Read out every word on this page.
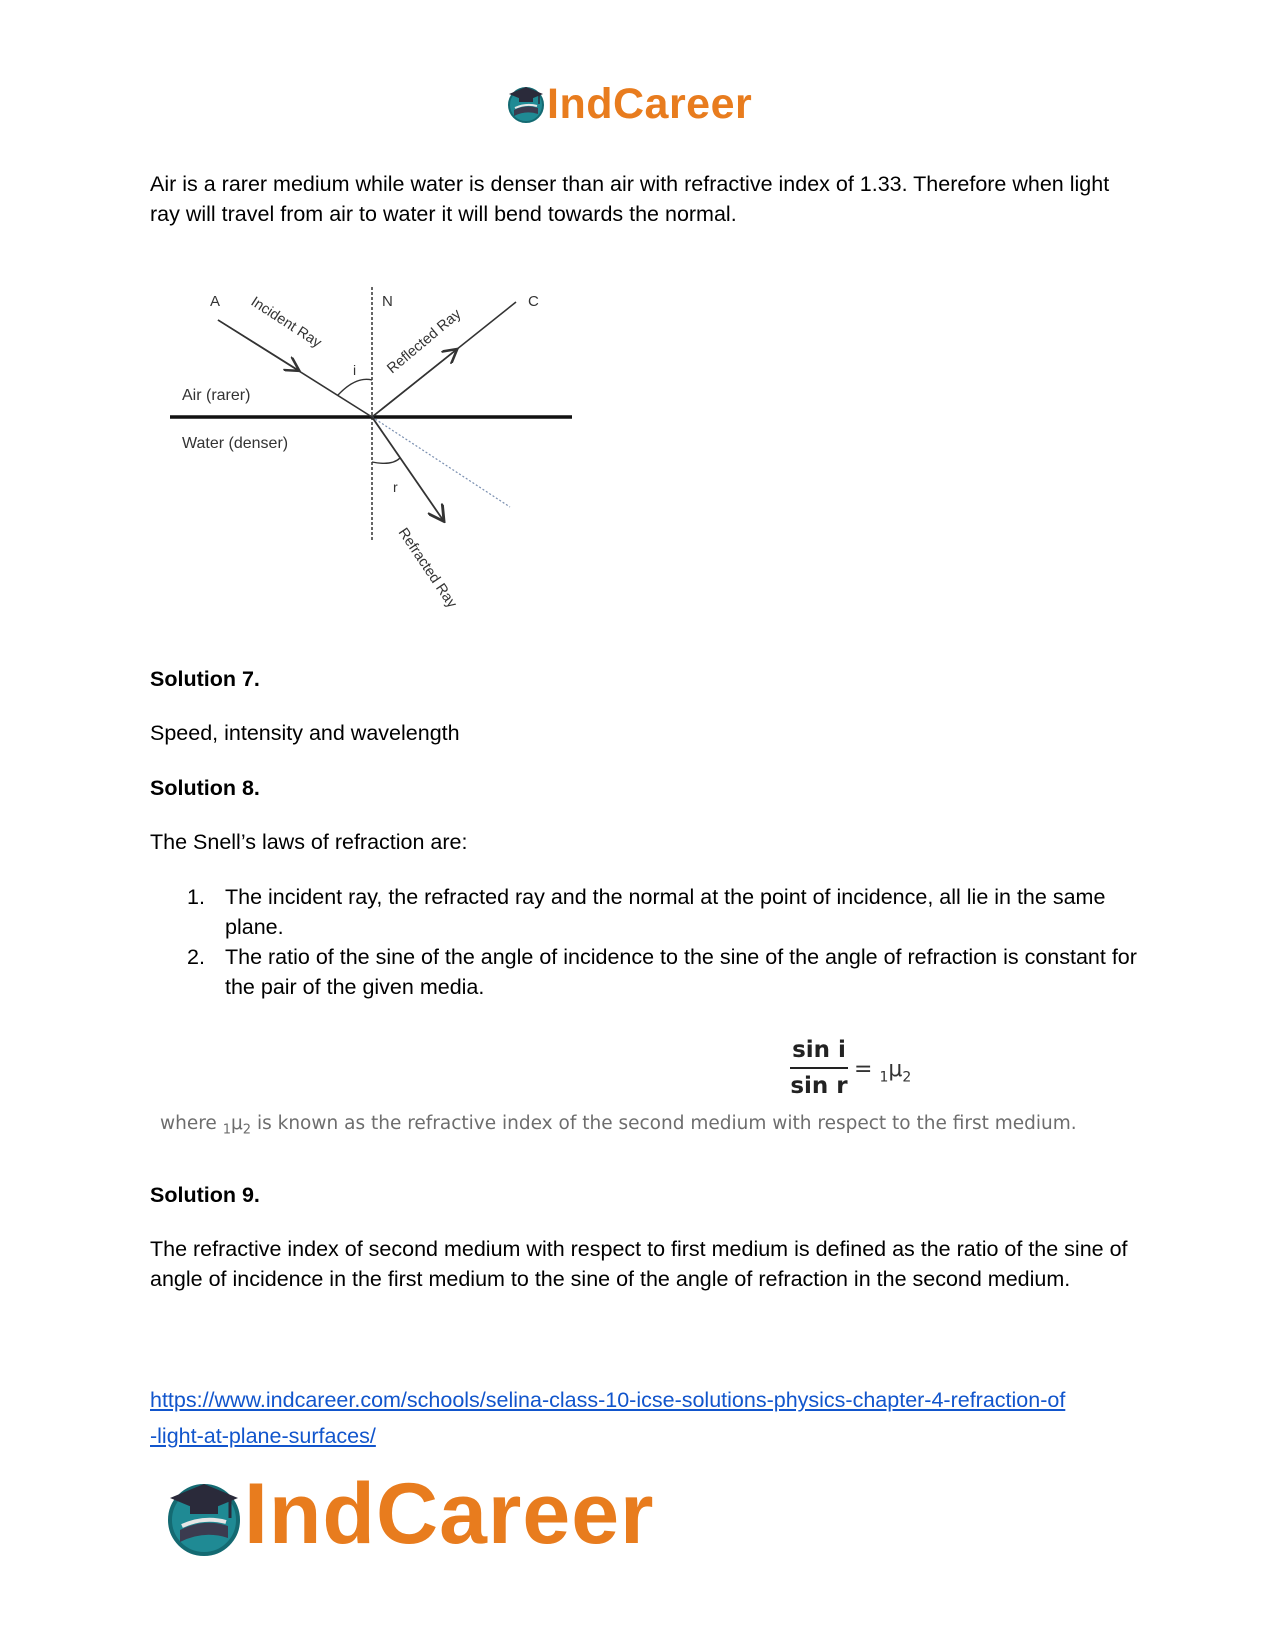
IndCareer
Air is a rarer medium while water is denser than air with refractive index of 1.33. Therefore when light ray will travel from air to water it will bend towards the normal.
A	N	C
Incident Ray	Reflected Ray
Refracted Ray
i
r
Air (rarer)
Water (denser)
Solution 7.
Speed, intensity and wavelength
Solution 8.
The Snell’s laws of refraction are:
1. The incident ray, the refracted ray and the normal at the point of incidence, all lie in the same plane.
2. The ratio of the sine of the angle of incidence to the sine of the angle of refraction is constant for the pair of the given media.
sin i
sin r
= $_1\mu_2$
where $_1\mu_2$ is known as the refractive index of the second medium with respect to the first medium.
Solution 9.
The refractive index of second medium with respect to first medium is defined as the ratio of the sine of angle of incidence in the first medium to the sine of the angle of refraction in the second medium.
https://www.indcareer.com/schools/selina-class-10-icse-solutions-physics-chapter-4-refraction-of
-light-at-plane-surfaces/
IndCareer
